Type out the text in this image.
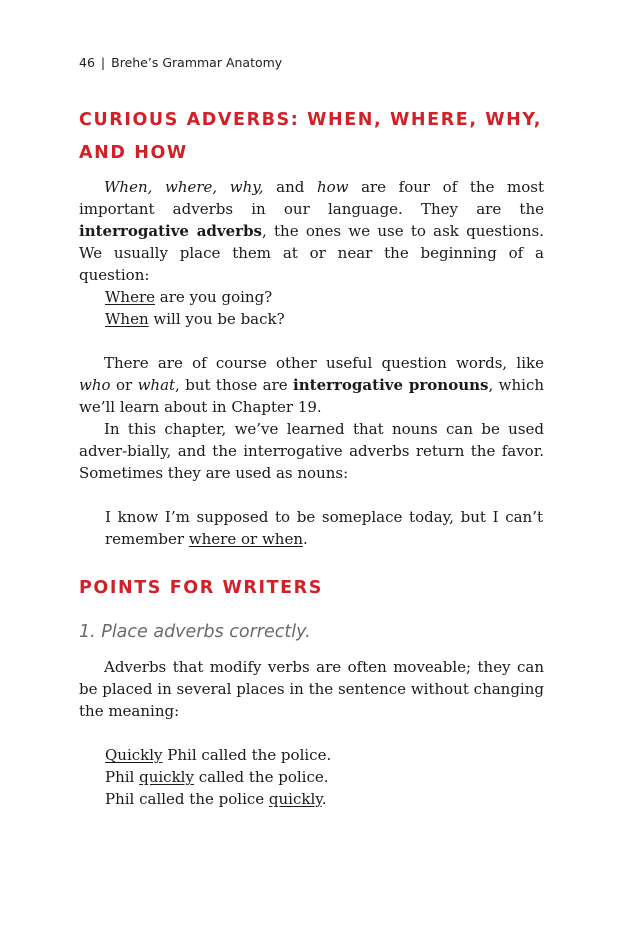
46 | Brehe’s Grammar Anatomy
CURIOUS ADVERBS: WHEN, WHERE, WHY, AND HOW

When, where, why, and how are four of the most important adverbs in our language. They are the interrogative adverbs, the ones we use to ask questions. We usually place them at or near the beginning of a question:

Where are you going?
When will you be back?

There are of course other useful question words, like who or what, but those are interrogative pronouns, which we’ll learn about in Chapter 19.

In this chapter, we’ve learned that nouns can be used adver-bially, and the interrogative adverbs return the favor. Sometimes they are used as nouns:

I know I’m supposed to be someplace today, but I can’t remember where or when.

POINTS FOR WRITERS
1. Place adverbs correctly.

Adverbs that modify verbs are often moveable; they can be placed in several places in the sentence without changing the meaning:

Quickly Phil called the police.
Phil quickly called the police.
Phil called the police quickly.
